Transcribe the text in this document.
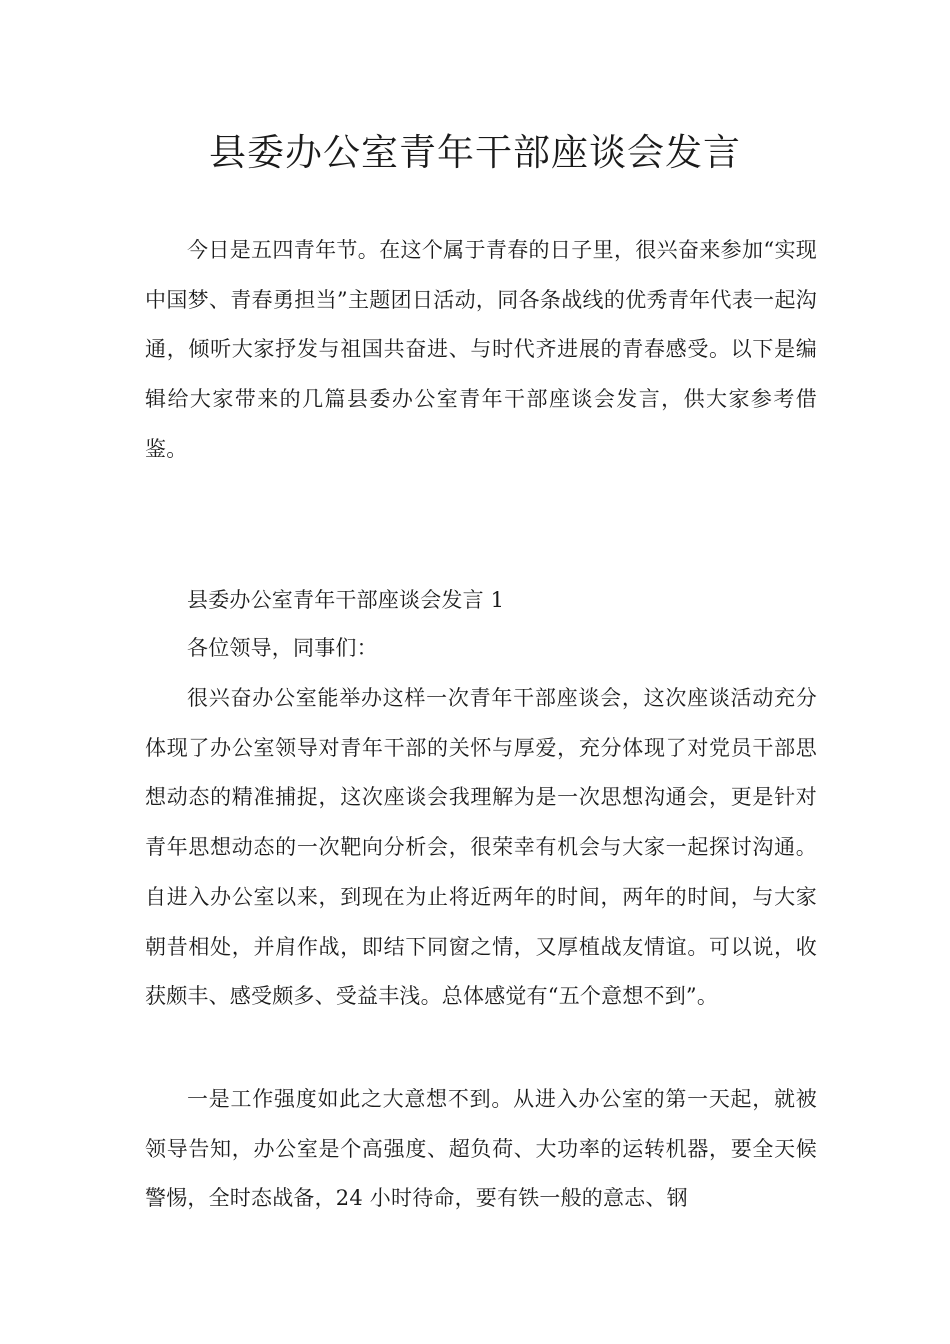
县委办公室青年干部座谈会发言

今日是五四青年节。在这个属于青春的日子里，很兴奋来参加“实现中国梦、青春勇担当”主题团日活动，同各条战线的优秀青年代表一起沟通，倾听大家抒发与祖国共奋进、与时代齐进展的青春感受。以下是编辑给大家带来的几篇县委办公室青年干部座谈会发言，供大家参考借鉴。

县委办公室青年干部座谈会发言 1

各位领导，同事们：

很兴奋办公室能举办这样一次青年干部座谈会，这次座谈活动充分体现了办公室领导对青年干部的关怀与厚爱，充分体现了对党员干部思想动态的精准捕捉，这次座谈会我理解为是一次思想沟通会，更是针对青年思想动态的一次靶向分析会，很荣幸有机会与大家一起探讨沟通。自进入办公室以来，到现在为止将近两年的时间，两年的时间，与大家朝昔相处，并肩作战，即结下同窗之情，又厚植战友情谊。可以说，收获颇丰、感受颇多、受益丰浅。总体感觉有“五个意想不到”。

一是工作强度如此之大意想不到。从进入办公室的第一天起，就被领导告知，办公室是个高强度、超负荷、大功率的运转机器，要全天候警惕，全时态战备，24 小时待命，要有铁一般的意志、钢
